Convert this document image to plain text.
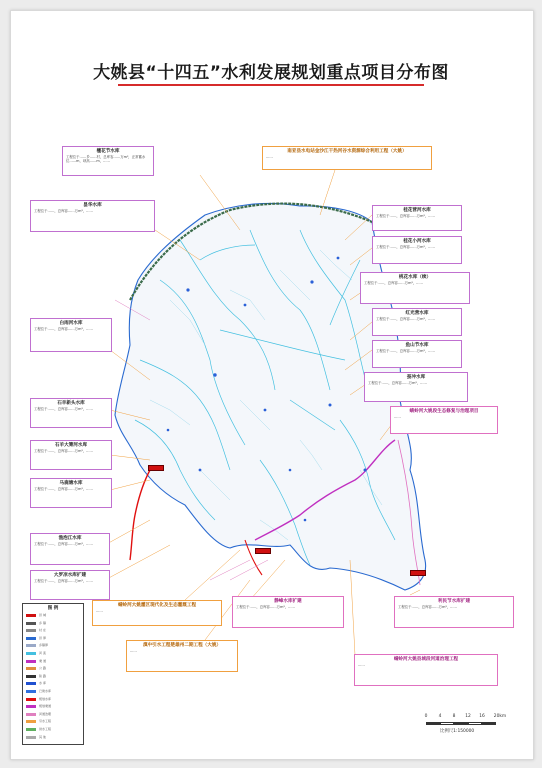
大姚县“十四五”水利发展规划重点项目分布图
檀花节水库
工程位于……乡……村，总库容……万m³，正常蓄水位……m，坝高……m，……
昙华水库
工程位于……，总库容……万m³，……
南亚县水电站金沙江干热河谷水资源综合利用工程（大姚）
……
桂花营河水库
工程位于……，总库容……万m³，……
桂花小河水库
工程位于……，总库容……万m³，……
桃花水库（续）
工程位于……，总库容……万m³，……
红光营水库
工程位于……，总库容……万m³，……
鱼山节水库
工程位于……，总库容……万m³，……
蚕冲水库
工程位于……，总库容……万m³，……
蜻蛉河大姚段生态修复与治理项目
……
白雨河水库
工程位于……，总库容……万m³，……
石羊新头水库
工程位于……，总库容……万m³，……
石羊大箐河水库
工程位于……，总库容……万m³，……
马鹿塘水库
工程位于……，总库容……万m³，……
渔泡江水库
工程位于……，总库容……万m³，……
大罗凉水库扩建
工程位于……，总库容……万m³，……
蜻蛉河大姚灌区现代化及生态灌溉工程
……
静峰水库扩建
工程位于……，总库容……万m³，……
利民节水库扩建
工程位于……，总库容……万m³，……
滇中引水工程楚雄州二期工程（大姚）
……
蜻蛉河大姚县城段河道治理工程
……
图 例
县 城
乡 镇
村 庄
县 界
乡镇界
河 流
渠 道
公 路
铁 路
水 库
已建水库
规划水库
规划渠道
河道治理
引水工程
供水工程
其 他
0	4	8 12 16 20km
比例尺1:150000
